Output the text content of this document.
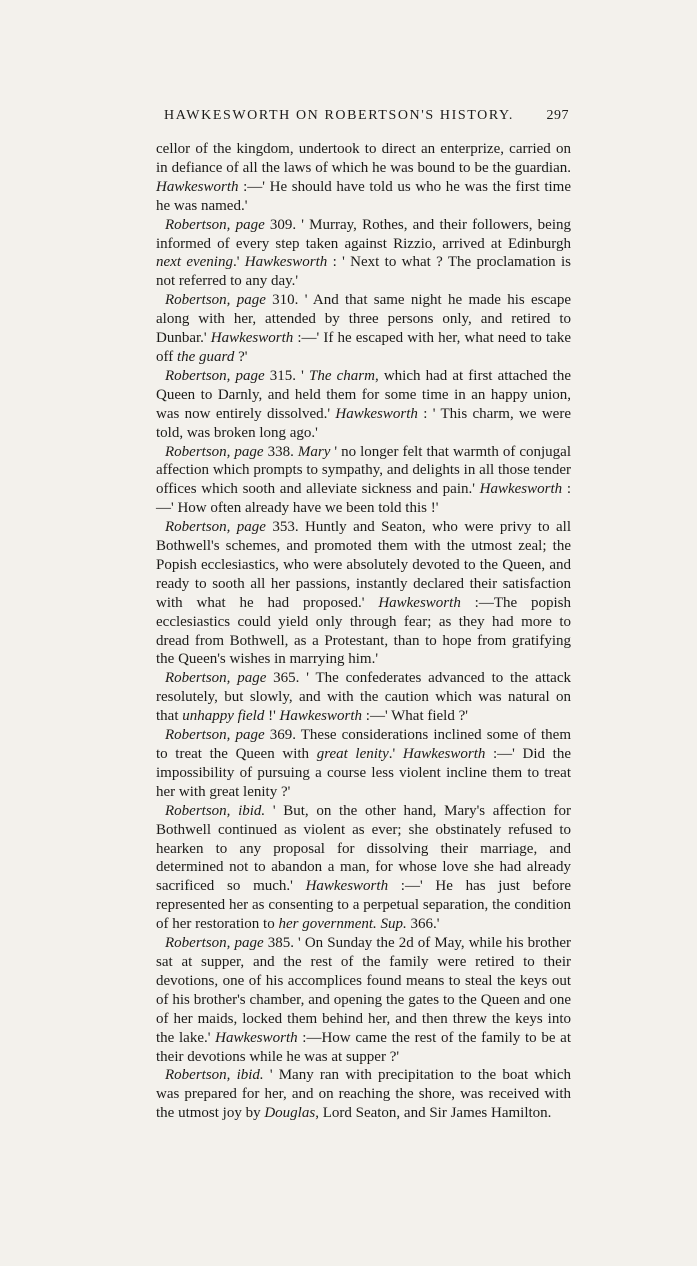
HAWKESWORTH ON ROBERTSON'S HISTORY. 297

cellor of the kingdom, undertook to direct an enterprize, carried on in defiance of all the laws of which he was bound to be the guardian. Hawkesworth :—' He should have told us who he was the first time he was named.'

Robertson, page 309. ' Murray, Rothes, and their followers, being informed of every step taken against Rizzio, arrived at Edinburgh next evening.' Hawkesworth : ' Next to what ? The proclamation is not referred to any day.'

Robertson, page 310. ' And that same night he made his escape along with her, attended by three persons only, and retired to Dunbar.' Hawkesworth :—' If he escaped with her, what need to take off the guard ?'

Robertson, page 315. ' The charm, which had at first attached the Queen to Darnly, and held them for some time in an happy union, was now entirely dissolved.' Hawkesworth : ' This charm, we were told, was broken long ago.'

Robertson, page 338. Mary ' no longer felt that warmth of conjugal affection which prompts to sympathy, and delights in all those tender offices which sooth and alleviate sickness and pain.' Hawkesworth :—' How often already have we been told this !'

Robertson, page 353. Huntly and Seaton, who were privy to all Bothwell's schemes, and promoted them with the utmost zeal; the Popish ecclesiastics, who were absolutely devoted to the Queen, and ready to sooth all her passions, instantly declared their satisfaction with what he had proposed.' Hawkesworth :—The popish ecclesiastics could yield only through fear; as they had more to dread from Bothwell, as a Protestant, than to hope from gratifying the Queen's wishes in marrying him.'

Robertson, page 365. ' The confederates advanced to the attack resolutely, but slowly, and with the caution which was natural on that unhappy field !' Hawkesworth :—' What field ?'

Robertson, page 369. These considerations inclined some of them to treat the Queen with great lenity.' Hawkesworth :—' Did the impossibility of pursuing a course less violent incline them to treat her with great lenity ?'

Robertson, ibid. ' But, on the other hand, Mary's affection for Bothwell continued as violent as ever; she obstinately refused to hearken to any proposal for dissolving their marriage, and determined not to abandon a man, for whose love she had already sacrificed so much.' Hawkesworth :—' He has just before represented her as consenting to a perpetual separation, the condition of her restoration to her government. Sup. 366.'

Robertson, page 385. ' On Sunday the 2d of May, while his brother sat at supper, and the rest of the family were retired to their devotions, one of his accomplices found means to steal the keys out of his brother's chamber, and opening the gates to the Queen and one of her maids, locked them behind her, and then threw the keys into the lake.' Hawkesworth :—How came the rest of the family to be at their devotions while he was at supper ?'

Robertson, ibid. ' Many ran with precipitation to the boat which was prepared for her, and on reaching the shore, was received with the utmost joy by Douglas, Lord Seaton, and Sir James Hamilton.
